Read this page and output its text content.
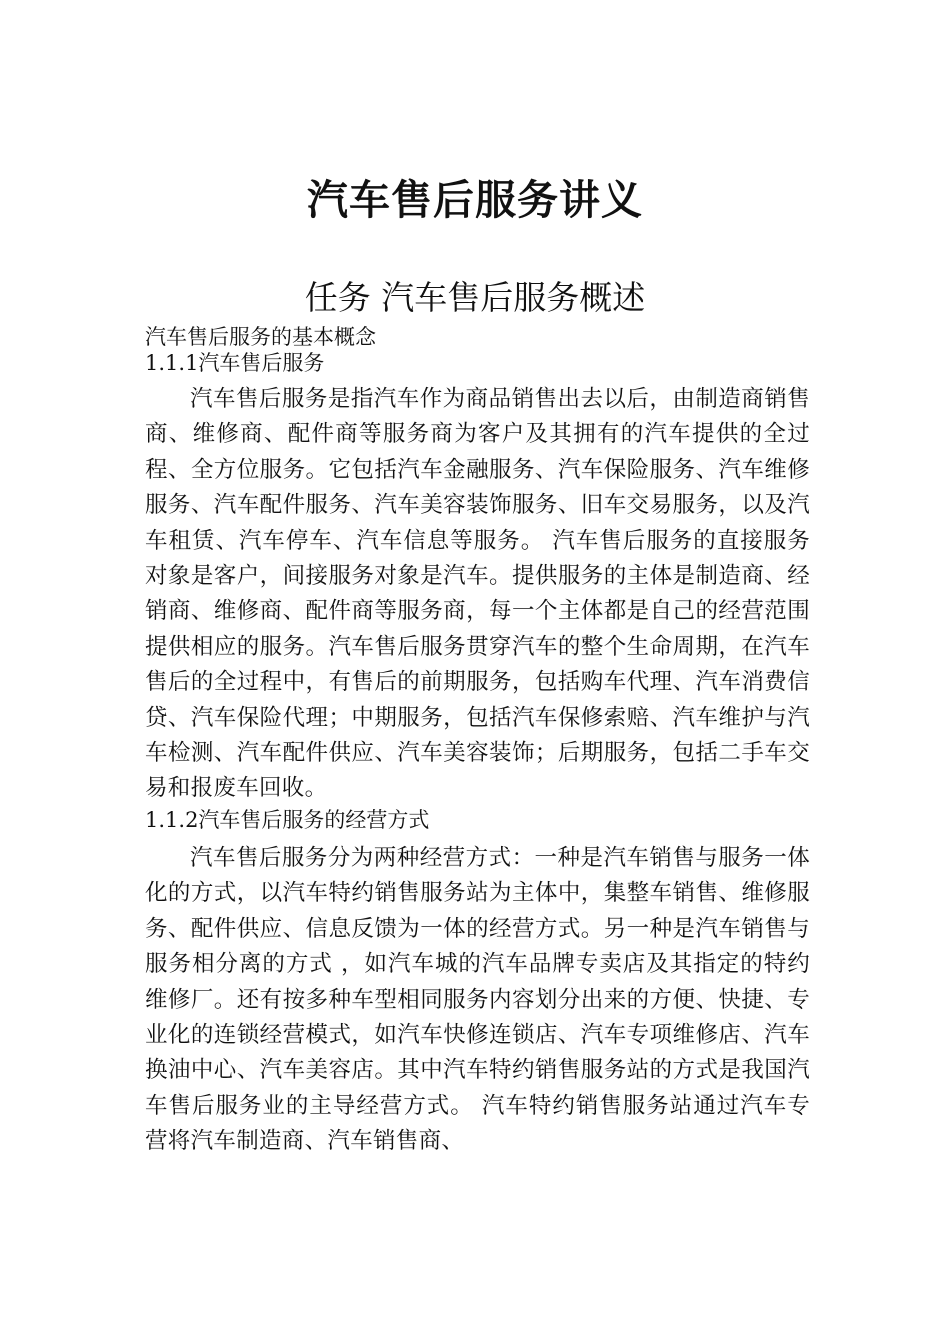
汽车售后服务讲义
任务 汽车售后服务概述

汽车售后服务的基本概念

1.1.1汽车售后服务

汽车售后服务是指汽车作为商品销售出去以后，由制造商销售商、维修商、配件商等服务商为客户及其拥有的汽车提供的全过程、全方位服务。它包括汽车金融服务、汽车保险服务、汽车维修服务、汽车配件服务、汽车美容装饰服务、旧车交易服务，以及汽车租赁、汽车停车、汽车信息等服务。 汽车售后服务的直接服务对象是客户，间接服务对象是汽车。提供服务的主体是制造商、经销商、维修商、配件商等服务商，每一个主体都是自己的经营范围提供相应的服务。汽车售后服务贯穿汽车的整个生命周期，在汽车售后的全过程中，有售后的前期服务，包括购车代理、汽车消费信贷、汽车保险代理；中期服务，包括汽车保修索赔、汽车维护与汽车检测、汽车配件供应、汽车美容装饰；后期服务，包括二手车交易和报废车回收。

1.1.2汽车售后服务的经营方式

汽车售后服务分为两种经营方式：一种是汽车销售与服务一体化的方式，以汽车特约销售服务站为主体中，集整车销售、维修服务、配件供应、信息反馈为一体的经营方式。另一种是汽车销售与服务相分离的方式 ，如汽车城的汽车品牌专卖店及其指定的特约维修厂。还有按多种车型相同服务内容划分出来的方便、快捷、专业化的连锁经营模式，如汽车快修连锁店、汽车专项维修店、汽车换油中心、汽车美容店。其中汽车特约销售服务站的方式是我国汽车售后服务业的主导经营方式。 汽车特约销售服务站通过汽车专营将汽车制造商、汽车销售商、
